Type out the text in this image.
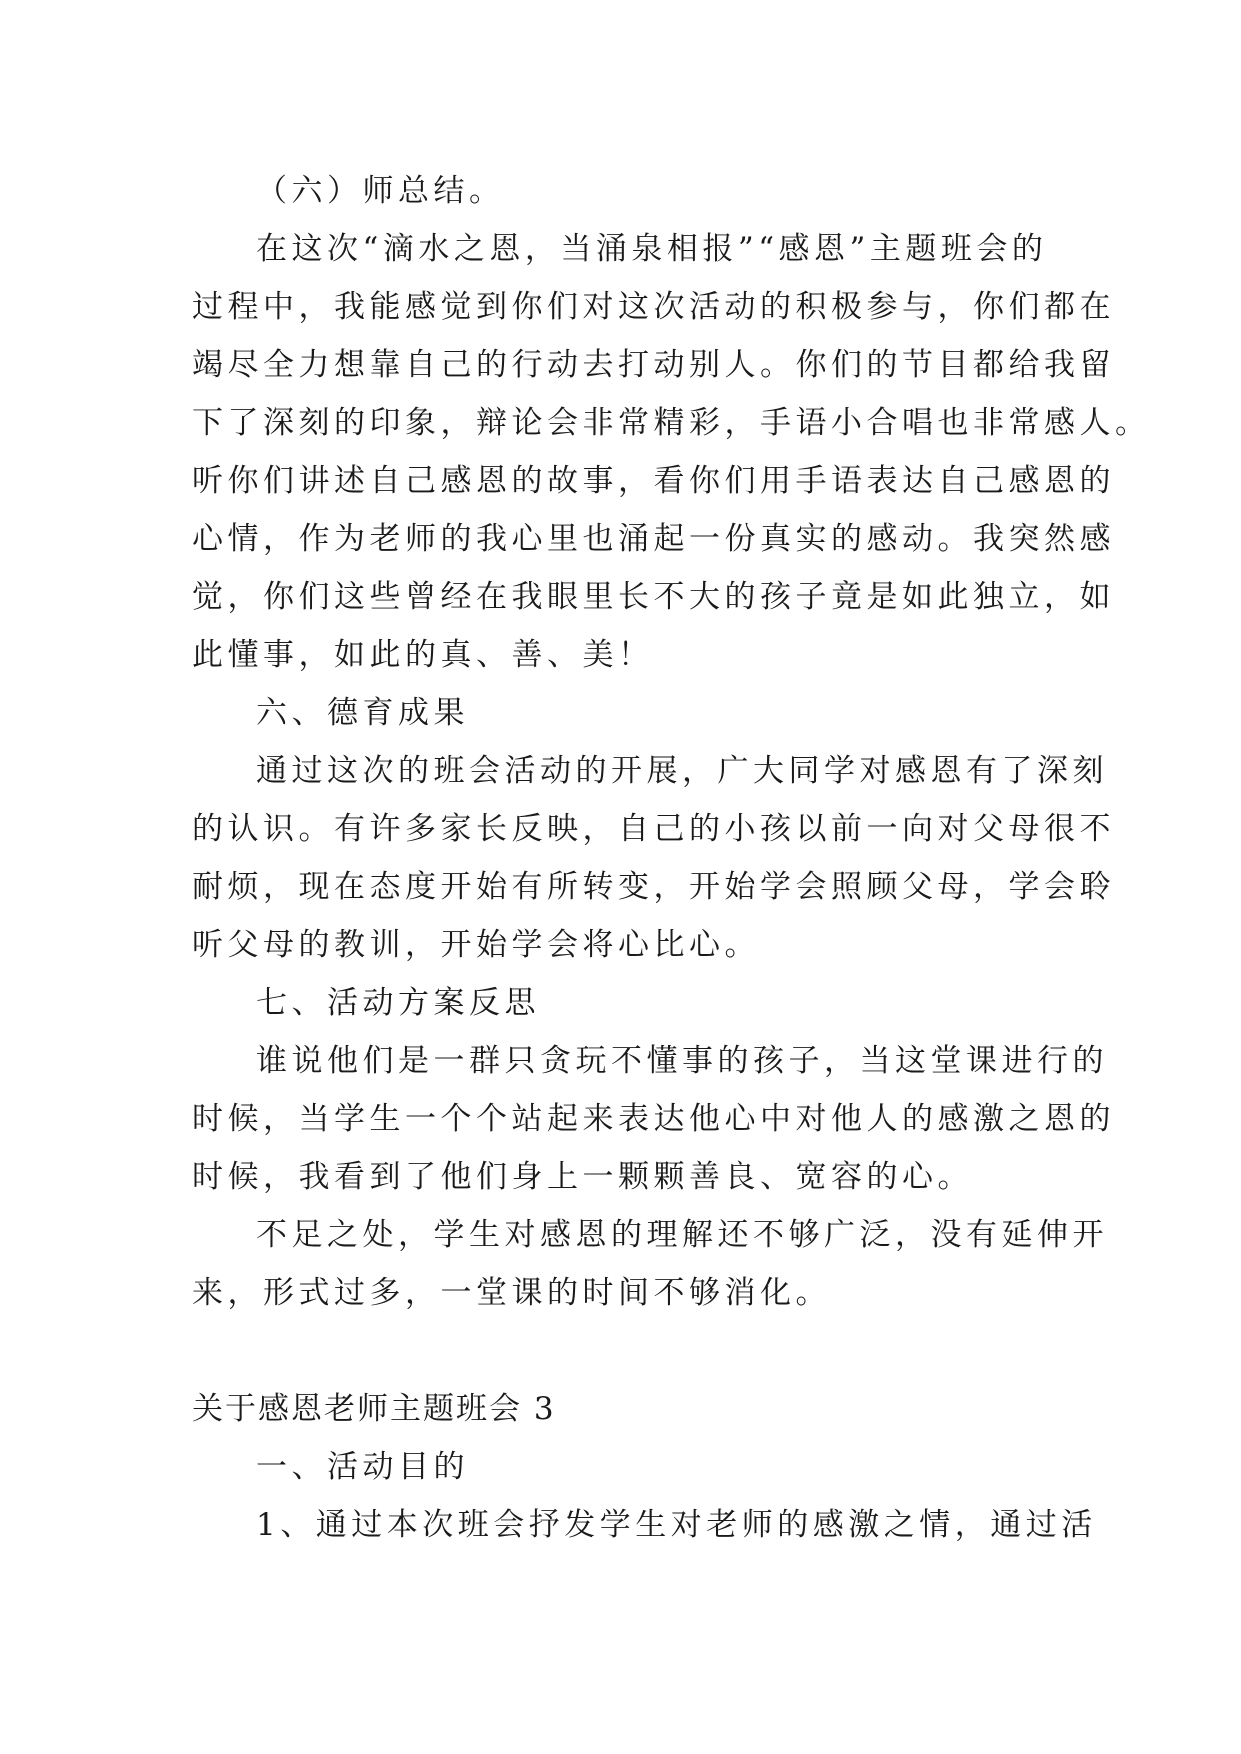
（六）师总结。

在这次“滴水之恩，当涌泉相报”“感恩”主题班会的

过程中，我能感觉到你们对这次活动的积极参与，你们都在

竭尽全力想靠自己的行动去打动别人。你们的节目都给我留

下了深刻的印象，辩论会非常精彩，手语小合唱也非常感人。

听你们讲述自己感恩的故事，看你们用手语表达自己感恩的

心情，作为老师的我心里也涌起一份真实的感动。我突然感

觉，你们这些曾经在我眼里长不大的孩子竟是如此独立，如

此懂事，如此的真、善、美！

六、德育成果

通过这次的班会活动的开展，广大同学对感恩有了深刻

的认识。有许多家长反映，自己的小孩以前一向对父母很不

耐烦，现在态度开始有所转变，开始学会照顾父母，学会聆

听父母的教训，开始学会将心比心。

七、活动方案反思

谁说他们是一群只贪玩不懂事的孩子，当这堂课进行的

时候，当学生一个个站起来表达他心中对他人的感激之恩的

时候，我看到了他们身上一颗颗善良、宽容的心。

不足之处，学生对感恩的理解还不够广泛，没有延伸开

来，形式过多，一堂课的时间不够消化。

关于感恩老师主题班会 3

一、活动目的

1、通过本次班会抒发学生对老师的感激之情，通过活
